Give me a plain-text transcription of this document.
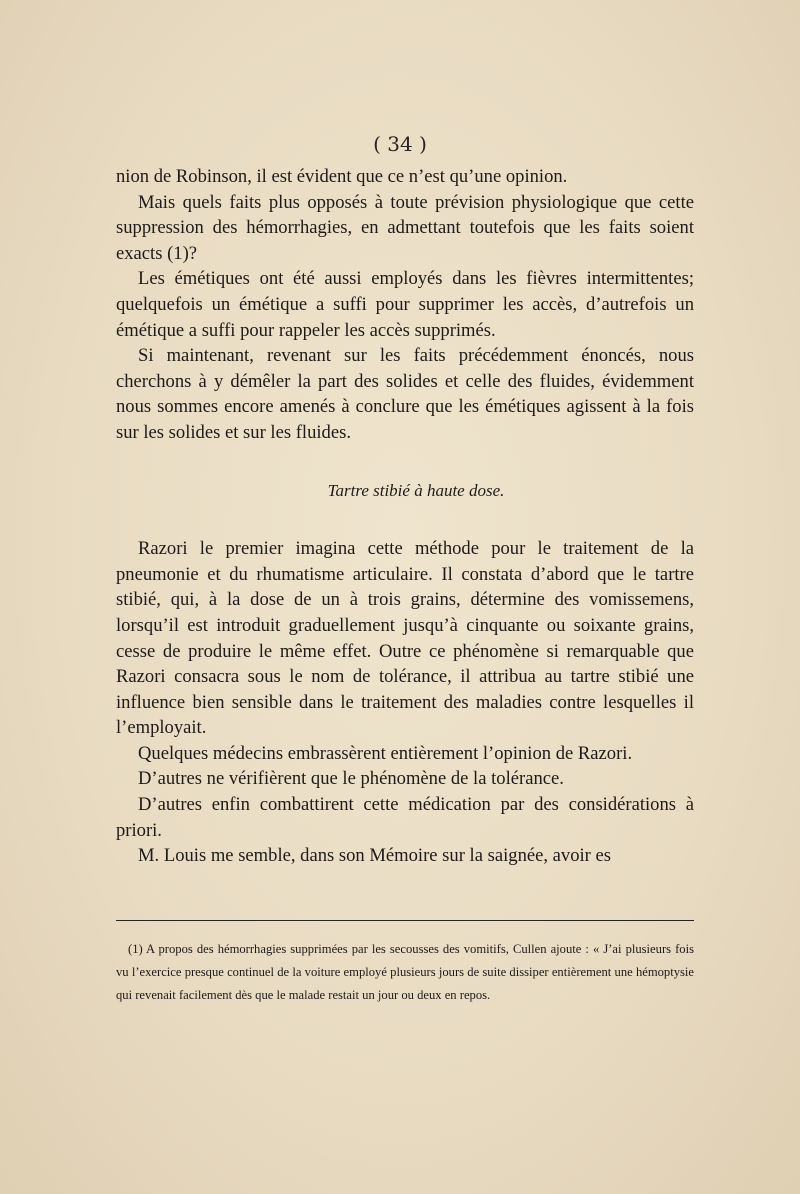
( 34 )

nion de Robinson, il est évident que ce n’est qu’une opinion.

Mais quels faits plus opposés à toute prévision physiologique que cette suppression des hémorrhagies, en admettant toutefois que les faits soient exacts (1)?

Les émétiques ont été aussi employés dans les fièvres intermittentes; quelquefois un émétique a suffi pour supprimer les accès, d’autrefois un émétique a suffi pour rappeler les accès supprimés.

Si maintenant, revenant sur les faits précédemment énoncés, nous cherchons à y démêler la part des solides et celle des fluides, évidemment nous sommes encore amenés à conclure que les émétiques agissent à la fois sur les solides et sur les fluides.

Tartre stibié à haute dose.

Razori le premier imagina cette méthode pour le traitement de la pneumonie et du rhumatisme articulaire. Il constata d’abord que le tartre stibié, qui, à la dose de un à trois grains, détermine des vomissemens, lorsqu’il est introduit graduellement jusqu’à cinquante ou soixante grains, cesse de produire le même effet. Outre ce phénomène si remarquable que Razori consacra sous le nom de tolérance, il attribua au tartre stibié une influence bien sensible dans le traitement des maladies contre lesquelles il l’employait.

Quelques médecins embrassèrent entièrement l’opinion de Razori.

D’autres ne vérifièrent que le phénomène de la tolérance.

D’autres enfin combattirent cette médication par des considérations à priori.

M. Louis me semble, dans son Mémoire sur la saignée, avoir es

(1) A propos des hémorrhagies supprimées par les secousses des vomitifs, Cullen ajoute : « J’ai plusieurs fois vu l’exercice presque continuel de la voiture employé plusieurs jours de suite dissiper entièrement une hémoptysie qui revenait facilement dès que le malade restait un jour ou deux en repos.
